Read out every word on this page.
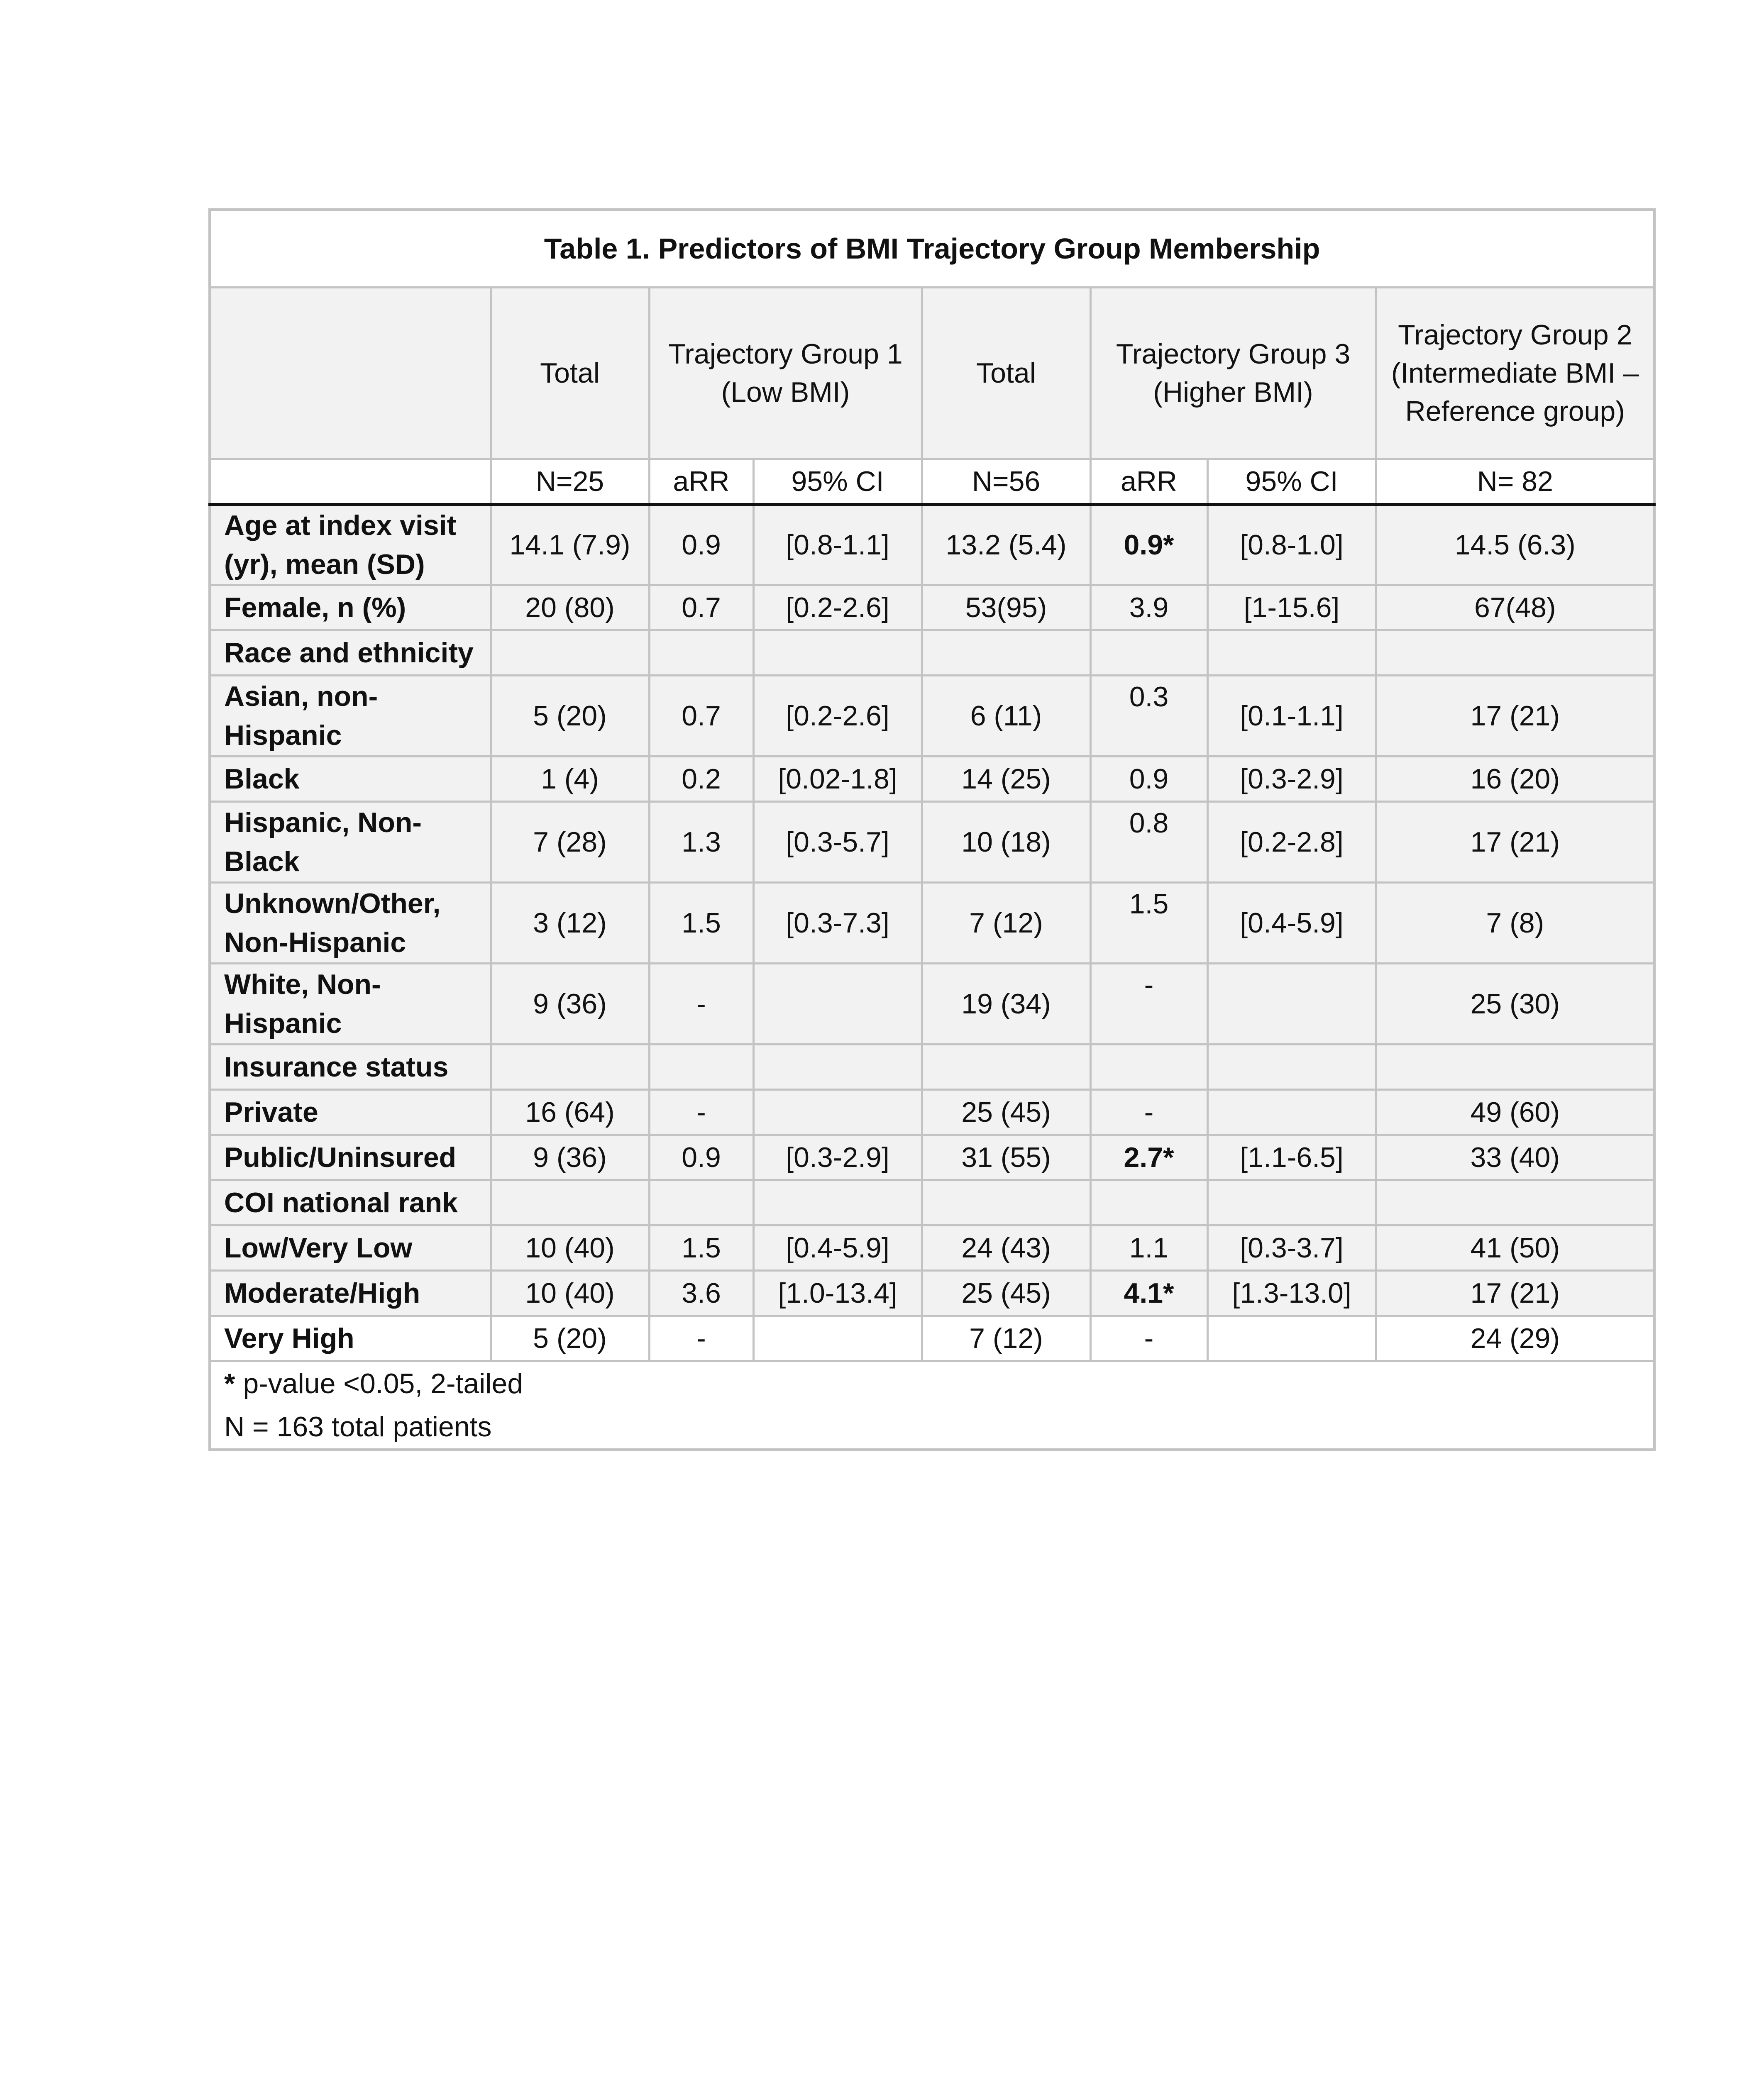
Table 1. Predictors of BMI Trajectory Group Membership							
	Total	Trajectory Group 1 (Low BMI)		Total	Trajectory Group 3 (Higher BMI)		Trajectory Group 2 (Intermediate BMI – Reference group)
	N=25	aRR	95% CI	N=56	aRR	95% CI	N= 82
Age at index visit (yr), mean (SD)	14.1 (7.9)	0.9	[0.8-1.1]	13.2 (5.4)	0.9*	[0.8-1.0]	14.5 (6.3)
Female, n (%)	20 (80)	0.7	[0.2-2.6]	53(95)	3.9	[1-15.6]	67(48)
Race and ethnicity							
Asian, non-Hispanic	5 (20)	0.7	[0.2-2.6]	6 (11)	0.3	[0.1-1.1]	17 (21)
Black	1 (4)	0.2	[0.02-1.8]	14 (25)	0.9	[0.3-2.9]	16 (20)
Hispanic, Non-Black	7 (28)	1.3	[0.3-5.7]	10 (18)	0.8	[0.2-2.8]	17 (21)
Unknown/Other, Non-Hispanic	3 (12)	1.5	[0.3-7.3]	7 (12)	1.5	[0.4-5.9]	7 (8)
White, Non-Hispanic	9 (36)	-		19 (34)	-		25 (30)
Insurance status							
Private	16 (64)	-		25 (45)	-		49 (60)
Public/Uninsured	9 (36)	0.9	[0.3-2.9]	31 (55)	2.7*	[1.1-6.5]	33 (40)
COI national rank							
Low/Very Low	10 (40)	1.5	[0.4-5.9]	24 (43)	1.1	[0.3-3.7]	41 (50)
Moderate/High	10 (40)	3.6	[1.0-13.4]	25 (45)	4.1*	[1.3-13.0]	17 (21)
Very High	5 (20)	-		7 (12)	-		24 (29)

* p-value <0.05, 2-tailed
N = 163 total patients							
